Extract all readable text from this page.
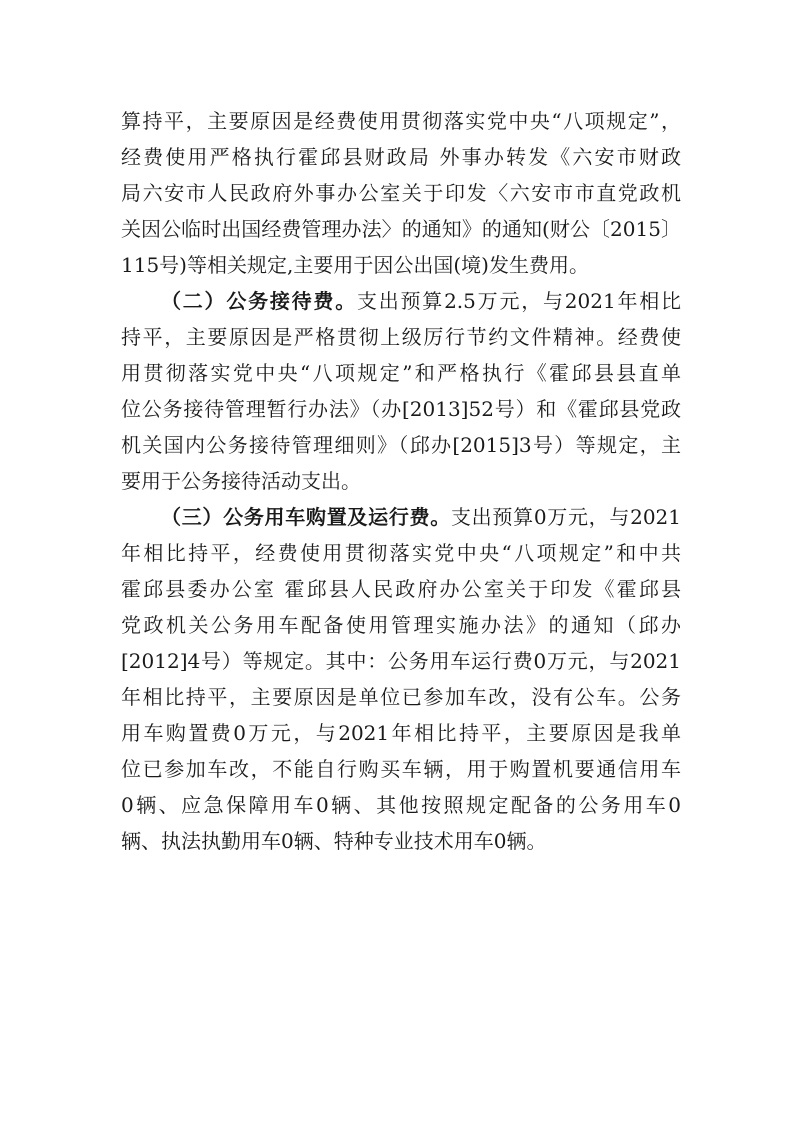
算持平，主要原因是经费使用贯彻落实党中央“八项规定”，
经费使用严格执行霍邱县财政局 外事办转发《六安市财政
局六安市人民政府外事办公室关于印发〈六安市市直党政机
关因公临时出国经费管理办法〉的通知》的通知(财公〔2015〕
115号)等相关规定,主要用于因公出国(境)发生费用。
（二）公务接待费。支出预算2.5万元，与2021年相比
持平，主要原因是严格贯彻上级厉行节约文件精神。经费使
用贯彻落实党中央“八项规定”和严格执行《霍邱县县直单
位公务接待管理暂行办法》（办[2013]52号）和《霍邱县党政
机关国内公务接待管理细则》（邱办[2015]3号）等规定，主
要用于公务接待活动支出。
（三）公务用车购置及运行费。支出预算0万元，与2021
年相比持平，经费使用贯彻落实党中央“八项规定”和中共
霍邱县委办公室 霍邱县人民政府办公室关于印发《霍邱县
党政机关公务用车配备使用管理实施办法》的通知（邱办
[2012]4号）等规定。其中：公务用车运行费0万元，与2021
年相比持平，主要原因是单位已参加车改，没有公车。公务
用车购置费0万元，与2021年相比持平，主要原因是我单
位已参加车改，不能自行购买车辆，用于购置机要通信用车
0辆、应急保障用车0辆、其他按照规定配备的公务用车0
辆、执法执勤用车0辆、特种专业技术用车0辆。
